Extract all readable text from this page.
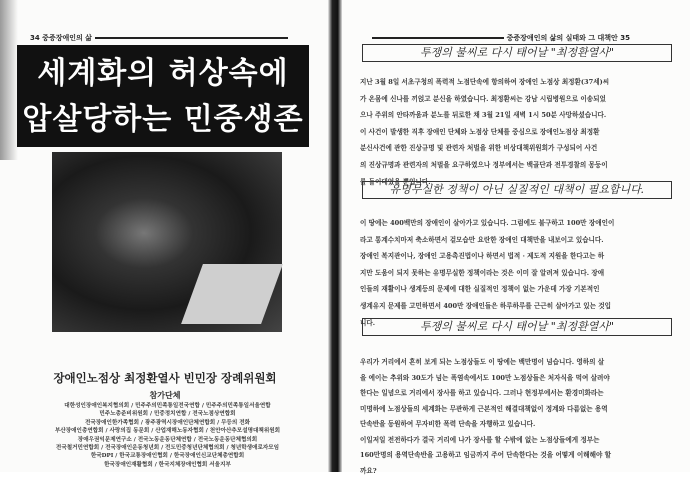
34 중증장애인의 삶
세계화의 허상속에
압살당하는 민중생존
장애인노점상 최정환열사 빈민장 장례위원회
참가단체
대한성인장애인복지협의회 / 민주주의민족통일전국연합 / 민주주의민족통일서울연합
민주노총준비위원회 / 민중정치연합 / 전국노점상연합회
전국장애인한가족협회 / 광주광역시장애인단체연합회 / 무등의 전화
부산장애인총연합회 / 사랑의집 동문회 / 산업재해노동자협회 / 천안아산추모설명대책위원회
장애우권익문제연구소 / 전국노동운동단체연합 / 전국노동운동단체협의회
전국철거민연합회 / 전국장애인운동청년회 / 전도민중청년단체협의회 / 청년학생애로자모임
한국DPI / 한국교통장애인협회 / 한국장애인신교단체총연합회
한국장애인재활협회 / 한국지체장애인협회 서울지부
중증장애인의 삶의 실태와 그 대책안 35
투쟁의 불씨로 다시 태어날 "최정환열사"
지난 3월 8일 서초구청의 폭력적 노점단속에 항의하여 장애인 노점상 최정환(37세)씨
가 온몸에 신나를 끼얹고 분신을 하였습니다. 최정환씨는 강남 시립병원으로 이송되었
으나 주위의 안타까움과 분노를 뒤로한 채 3월 21일 새벽 1시 50분 사망하셨습니다.
이 사건이 발생한 직후 장애인 단체와 노점상 단체를 중심으로 장애인노점상 최정환
분신사건에 관한 진상규명 및 관련자 처벌을 위한 비상대책위원회가 구성되어 사건
의 진상규명과 관련자의 처벌을 요구하였으나 정부에서는 백골단과 전투경찰의 몽둥이
를 들이대었을 뿐입니다.
유명무실한 정책이 아닌 실질적인 대책이 필요합니다.
이 땅에는 400백만의 장애인이 살아가고 있습니다. 그럼에도 불구하고 100만 장애인이
라고 통계수치마저 축소하면서 겉모습만 요란한 장애인 대책만을 내보이고 있습니다.
장애인 복지관이나, 장애인 고용촉진법이나 하면서 법적 · 제도적 지원을 한다고는 하
지만 도움이 되지 못하는 유명무실한 정책이라는 것은 이미 잘 알려져 있습니다. 장애
인들의 재활이나 생계등의 문제에 대한 실질적인 정책이 없는 가운데 가장 기본적인
생계유지 문제를 고민하면서 400만 장애인들은 하루하루를 근근히 살아가고 있는 것입
니다.	투쟁의 불씨로 다시 태어날 "최정환열사"
우리가 거리에서 흔히 보게 되는 노점상들도 이 땅에는 백만명이 넘습니다. 영하의 살
을 에이는 추위와 30도가 넘는 폭염속에서도 100만 노점상들은 처자식을 먹여 살려야
한다는 일념으로 거리에서 장사를 하고 있습니다. 그러나 현정부에서는 환경미화라는
미명하에 노점상들의 세계화는 무관하게 근본적인 해결대책없이 정계와 다름없는 용역
단속반을 동원하여 무자비한 폭력 단속을 자행하고 있습니다.
이일저일 전전하다가 결국 거리에 나가 장사를 할 수밖에 없는 노점상들에게 정부는
160만명의 용역단속반을 고용하고 임금까지 주어 단속한다는 것을 어떻게 이해해야 할
까요?
